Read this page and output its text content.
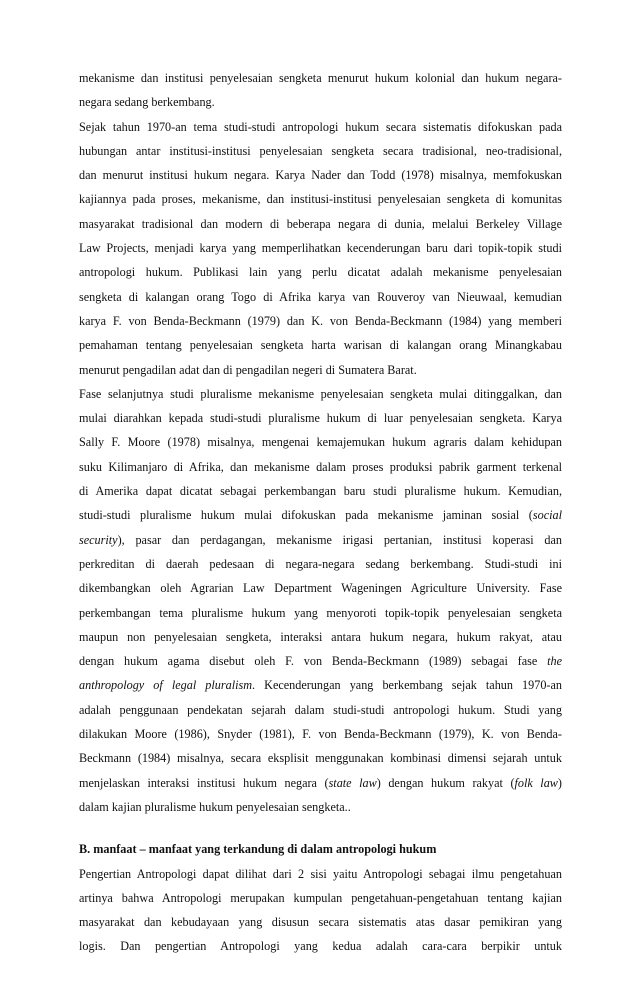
mekanisme dan institusi penyelesaian sengketa menurut hukum kolonial dan hukum negara-
negara sedang berkembang.
Sejak tahun 1970-an tema studi-studi antropologi hukum secara sistematis difokuskan pada
hubungan antar institusi-institusi penyelesaian sengketa secara tradisional, neo-tradisional,
dan menurut institusi hukum negara. Karya Nader dan Todd (1978) misalnya, memfokuskan
kajiannya pada proses, mekanisme, dan institusi-institusi penyelesaian sengketa di komunitas
masyarakat tradisional dan modern di beberapa negara di dunia, melalui Berkeley Village
Law Projects, menjadi karya yang memperlihatkan kecenderungan baru dari topik-topik studi
antropologi hukum. Publikasi lain yang perlu dicatat adalah mekanisme penyelesaian
sengketa di kalangan orang Togo di Afrika karya van Rouveroy van Nieuwaal, kemudian
karya F. von Benda-Beckmann (1979) dan K. von Benda-Beckmann (1984) yang memberi
pemahaman tentang penyelesaian sengketa harta warisan di kalangan orang Minangkabau
menurut pengadilan adat dan di pengadilan negeri di Sumatera Barat.
Fase selanjutnya studi pluralisme mekanisme penyelesaian sengketa mulai ditinggalkan, dan
mulai diarahkan kepada studi-studi pluralisme hukum di luar penyelesaian sengketa. Karya
Sally F. Moore (1978) misalnya, mengenai kemajemukan hukum agraris dalam kehidupan
suku Kilimanjaro di Afrika, dan mekanisme dalam proses produksi pabrik garment terkenal
di Amerika dapat dicatat sebagai perkembangan baru studi pluralisme hukum. Kemudian,
studi-studi pluralisme hukum mulai difokuskan pada mekanisme jaminan sosial (social
security), pasar dan perdagangan, mekanisme irigasi pertanian, institusi koperasi dan
perkreditan di daerah pedesaan di negara-negara sedang berkembang. Studi-studi ini
dikembangkan oleh Agrarian Law Department Wageningen Agriculture University. Fase
perkembangan tema pluralisme hukum yang menyoroti topik-topik penyelesaian sengketa
maupun non penyelesaian sengketa, interaksi antara hukum negara, hukum rakyat, atau
dengan hukum agama disebut oleh F. von Benda-Beckmann (1989) sebagai fase the
anthropology of legal pluralism. Kecenderungan yang berkembang sejak tahun 1970-an
adalah penggunaan pendekatan sejarah dalam studi-studi antropologi hukum. Studi yang
dilakukan Moore (1986), Snyder (1981), F. von Benda-Beckmann (1979), K. von Benda-
Beckmann (1984) misalnya, secara eksplisit menggunakan kombinasi dimensi sejarah untuk
menjelaskan interaksi institusi hukum negara (state law) dengan hukum rakyat (folk law)
dalam kajian pluralisme hukum penyelesaian sengketa..
B. manfaat – manfaat yang terkandung di dalam antropologi hukum
Pengertian Antropologi dapat dilihat dari 2 sisi yaitu Antropologi sebagai ilmu pengetahuan
artinya bahwa Antropologi merupakan kumpulan pengetahuan-pengetahuan tentang kajian
masyarakat dan kebudayaan yang disusun secara sistematis atas dasar pemikiran yang
logis. Dan pengertian Antropologi yang kedua adalah cara-cara berpikir untuk
